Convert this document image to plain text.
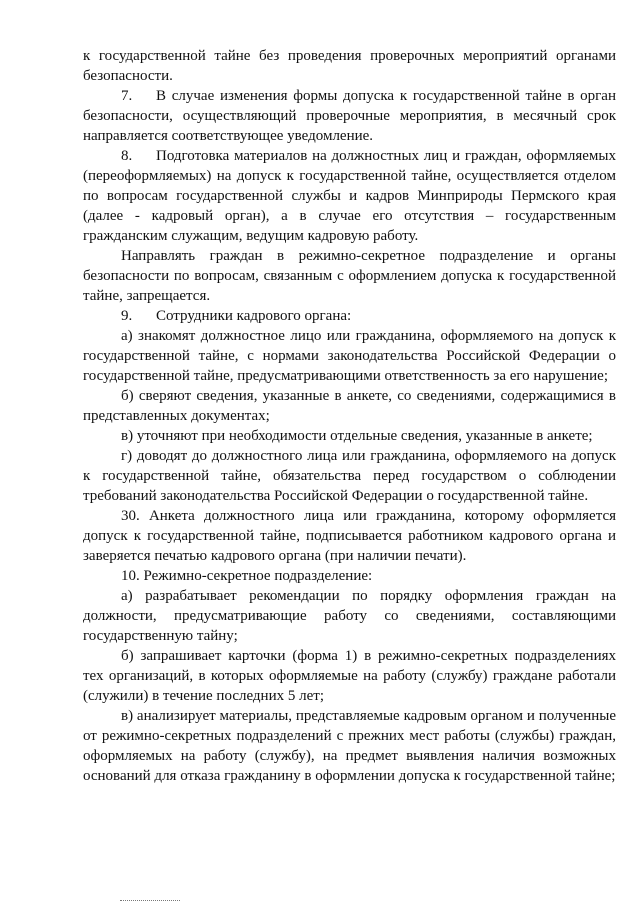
к государственной тайне без проведения проверочных мероприятий органами безопасности.

7. В случае изменения формы допуска к государственной тайне в орган безопасности, осуществляющий проверочные мероприятия, в месячный срок направляется соответствующее уведомление.

8. Подготовка материалов на должностных лиц и граждан, оформляемых (переоформляемых) на допуск к государственной тайне, осуществляется отделом по вопросам государственной службы и кадров Минприроды Пермского края (далее - кадровый орган), а в случае его отсутствия – государственным гражданским служащим, ведущим кадровую работу.

Направлять граждан в режимно-секретное подразделение и органы безопасности по вопросам, связанным с оформлением допуска к государственной тайне, запрещается.

9. Сотрудники кадрового органа:

а) знакомят должностное лицо или гражданина, оформляемого на допуск к государственной тайне, с нормами законодательства Российской Федерации о государственной тайне, предусматривающими ответственность за его нарушение;

б) сверяют сведения, указанные в анкете, со сведениями, содержащимися в представленных документах;

в) уточняют при необходимости отдельные сведения, указанные в анкете;

г) доводят до должностного лица или гражданина, оформляемого на допуск к государственной тайне, обязательства перед государством о соблюдении требований законодательства Российской Федерации о государственной тайне.

30. Анкета должностного лица или гражданина, которому оформляется допуск к государственной тайне, подписывается работником кадрового органа и заверяется печатью кадрового органа (при наличии печати).

10. Режимно-секретное подразделение:

а) разрабатывает рекомендации по порядку оформления граждан на должности, предусматривающие работу со сведениями, составляющими государственную тайну;

б) запрашивает карточки (форма 1) в режимно-секретных подразделениях тех организаций, в которых оформляемые на работу (службу) граждане работали (служили) в течение последних 5 лет;

в) анализирует материалы, представляемые кадровым органом и полученные от режимно-секретных подразделений с прежних мест работы (службы) граждан, оформляемых на работу (службу), на предмет выявления наличия возможных оснований для отказа гражданину в оформлении допуска к государственной тайне;
